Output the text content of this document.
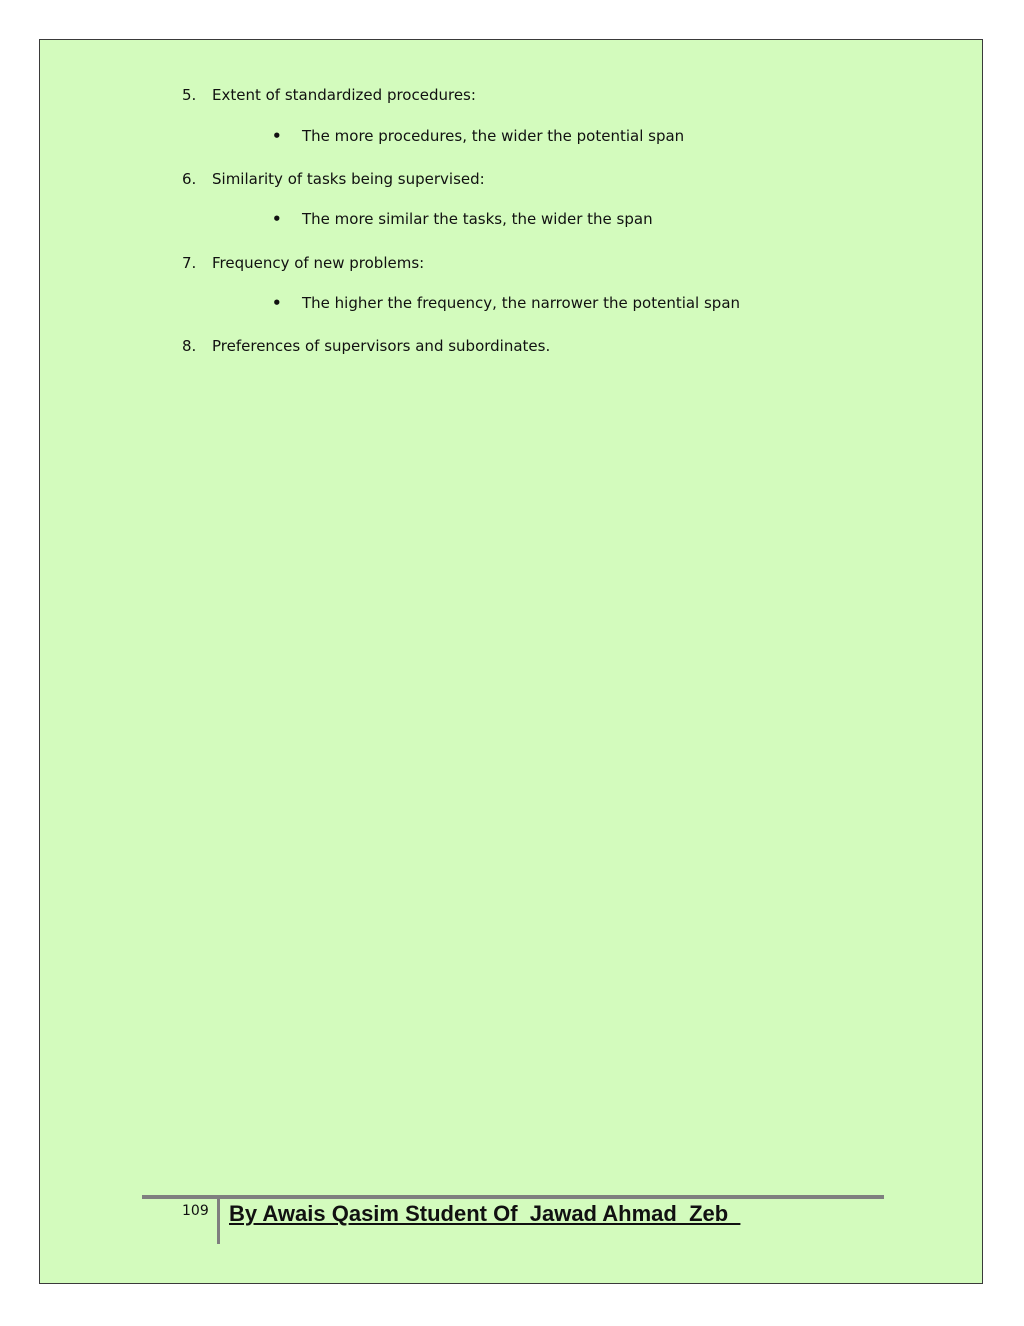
5. Extent of standardized procedures:
• The more procedures, the wider the potential span
6. Similarity of tasks being supervised:
• The more similar the tasks, the wider the span
7. Frequency of new problems:
• The higher the frequency, the narrower the potential span
8. Preferences of supervisors and subordinates.
109 By Awais Qasim Student Of  Jawad Ahmad  Zeb
